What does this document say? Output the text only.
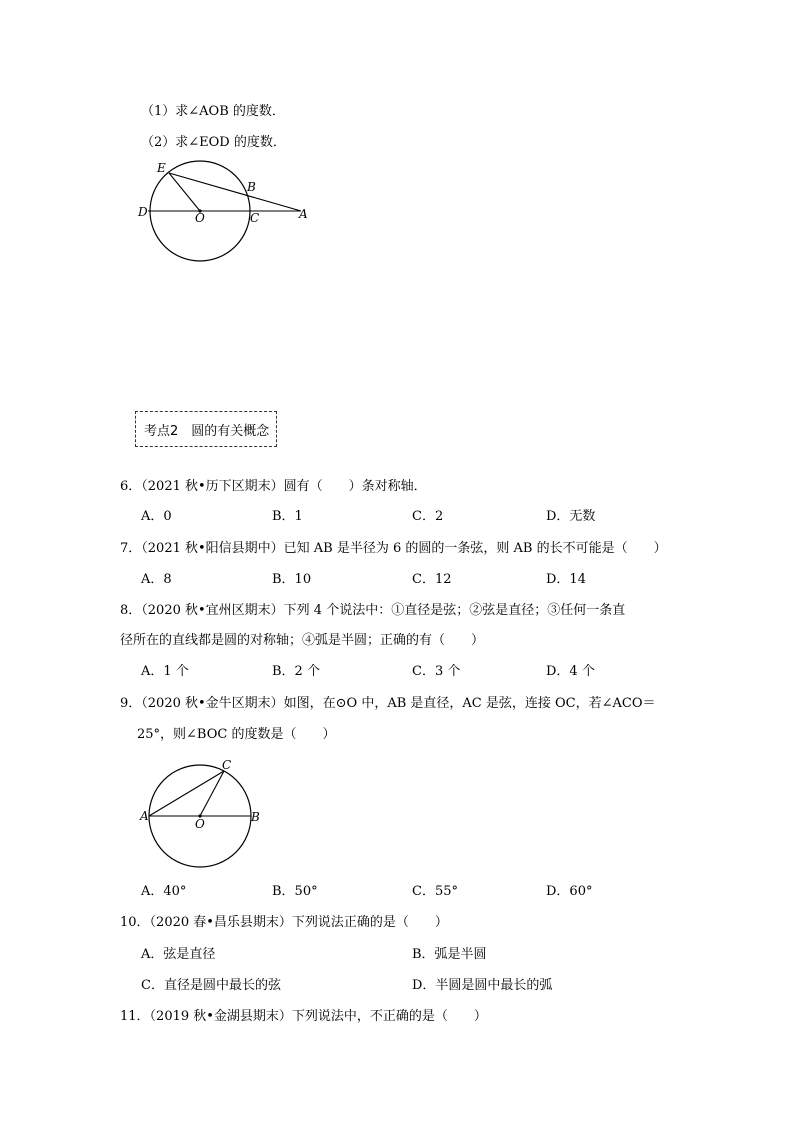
（1）求∠AOB 的度数．
（2）求∠EOD 的度数．
E
B
D	O	C	A
考点2　圆的有关概念
6．（2021 秋•历下区期末）圆有（　　）条对称轴．
A．0	B．1	C．2	D．无数
7．（2021 秋•阳信县期中）已知 AB 是半径为 6 的圆的一条弦，则 AB 的长不可能是（　　）
A．8	B．10	C．12	D．14
8．（2020 秋•宜州区期末）下列 4 个说法中：①直径是弦；②弦是直径；③任何一条直
径所在的直线都是圆的对称轴；④弧是半圆；正确的有（　　）
A．1 个	B．2 个	C．3 个	D．4 个
9．（2020 秋•金牛区期末）如图，在⊙O 中，AB 是直径，AC 是弦，连接 OC，若∠ACO＝
25°，则∠BOC 的度数是（　　）
C
A
O	B
A．40°	B．50°	C．55°	D．60°
10．（2020 春•昌乐县期末）下列说法正确的是（　　）
A．弦是直径	B．弧是半圆
C．直径是圆中最长的弦	D．半圆是圆中最长的弧
11．（2019 秋•金湖县期末）下列说法中，不正确的是（　　）
